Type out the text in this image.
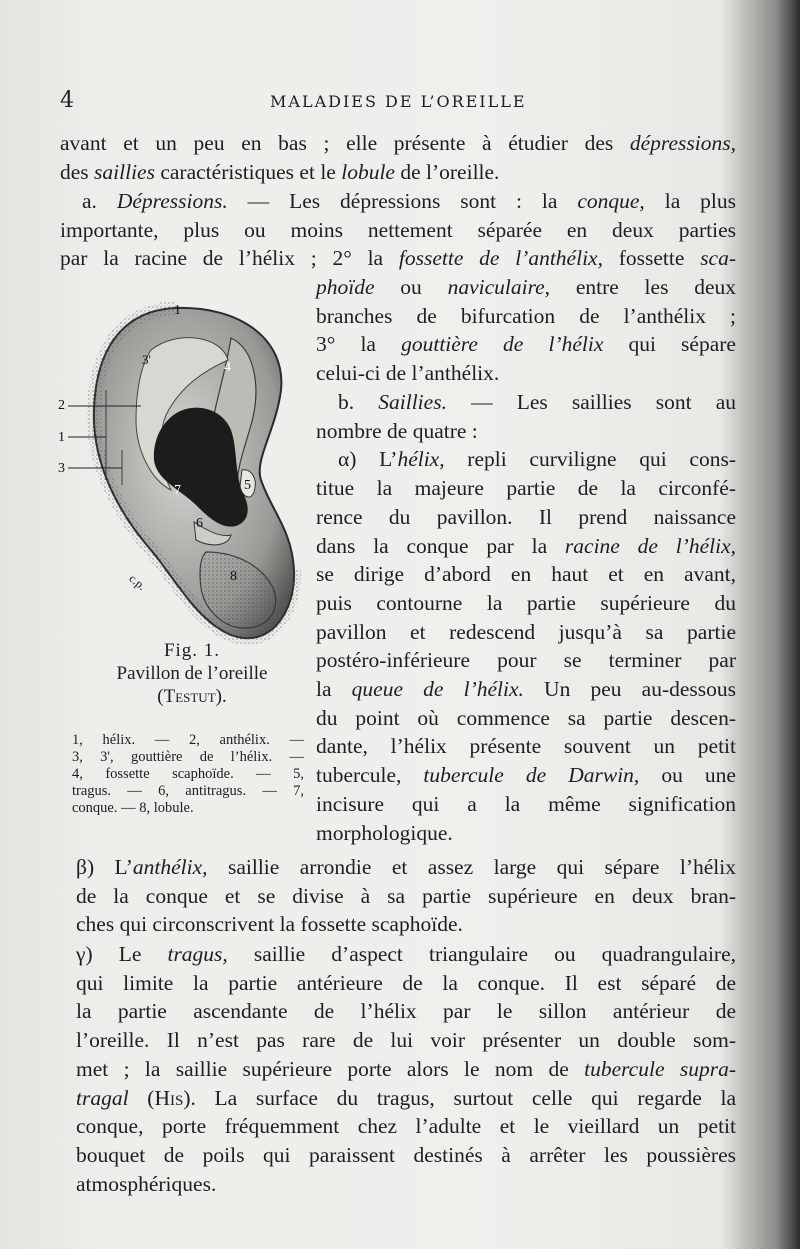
4	MALADIES DE L’OREILLE
avant et un peu en bas ; elle présente à étudier des dépressions,
des saillies caractéristiques et le lobule de l’oreille.
a. Dépressions. — Les dépressions sont : la conque, la plus
importante, plus ou moins nettement séparée en deux parties
par la racine de l’hélix ; 2° la fossette de l’anthélix, fossette sca-
phoïde ou naviculaire, entre les deux
branches de bifurcation de l’anthélix ;
3° la gouttière de l’hélix qui sépare
celui-ci de l’anthélix.
b. Saillies. — Les saillies sont au
nombre de quatre :
α) L’hélix, repli curviligne qui cons-
titue la majeure partie de la circonfé-
rence du pavillon. Il prend naissance
dans la conque par la racine de l’hélix,
se dirige d’abord en haut et en avant,
puis contourne la partie supérieure du
pavillon et redescend jusqu’à sa partie
postéro-inférieure pour se terminer par
la queue de l’hélix. Un peu au-dessous
du point où commence sa partie descen-
dante, l’hélix présente souvent un petit
tubercule, tubercule de Darwin, ou une
incisure qui a la même signification
morphologique.
β) L’anthélix, saillie arrondie et assez large qui sépare l’hélix
de la conque et se divise à sa partie supérieure en deux bran-
ches qui circonscrivent la fossette scaphoïde.
γ) Le tragus, saillie d’aspect triangulaire ou quadrangulaire,
qui limite la partie antérieure de la conque. Il est séparé de
la partie ascendante de l’hélix par le sillon antérieur de
l’oreille. Il n’est pas rare de lui voir présenter un double som-
met ; la saillie supérieure porte alors le nom de tubercule supra-
tragal (His). La surface du tragus, surtout celle qui regarde la
conque, porte fréquemment chez l’adulte et le vieillard un petit
bouquet de poils qui paraissent destinés à arrêter les poussières
atmosphériques.
1
2
1
3
3'
4
5
6
7
8
c.p.
Fig. 1.
Pavillon de l’oreille
(Testut).
1, hélix. — 2, anthélix. —
3, 3', gouttière de l’hélix. —
4, fossette scaphoïde. — 5,
tragus. — 6, antitragus. — 7,
conque. — 8, lobule.
